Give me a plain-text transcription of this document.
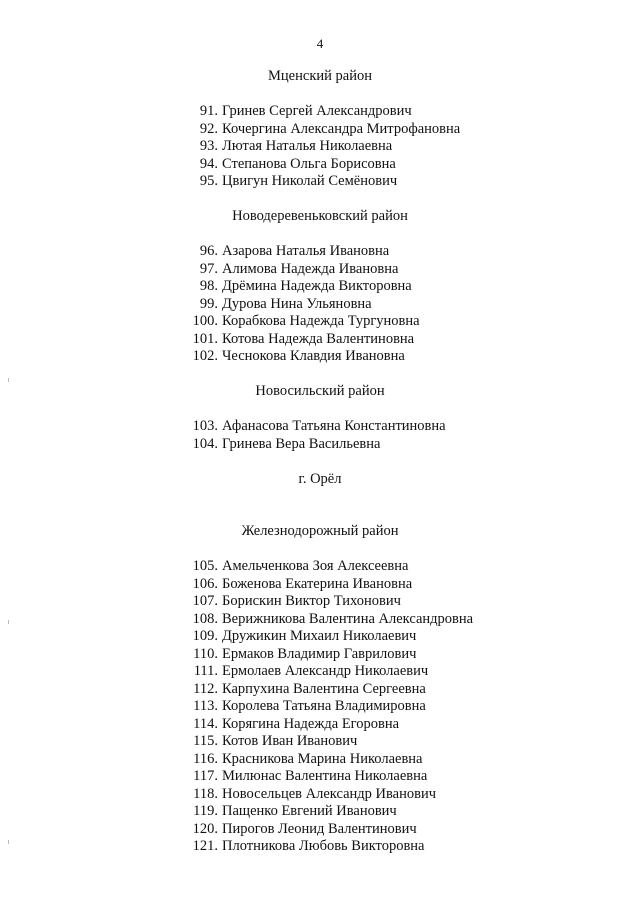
4
Мценский район
91. Гринев Сергей Александрович
92. Кочергина Александра Митрофановна
93. Лютая Наталья Николаевна
94. Степанова Ольга Борисовна
95. Цвигун Николай Семёнович
Новодеревеньковский район
96. Азарова Наталья Ивановна
97. Алимова Надежда Ивановна
98. Дрёмина Надежда Викторовна
99. Дурова Нина Ульяновна
100. Корабкова Надежда Тургуновна
101. Котова Надежда Валентиновна
102. Чеснокова Клавдия Ивановна
Новосильский район
103. Афанасова Татьяна Константиновна
104. Гринева Вера Васильевна
г. Орёл
Железнодорожный район
105. Амельченкова Зоя Алексеевна
106. Боженова Екатерина Ивановна
107. Борискин Виктор Тихонович
108. Верижникова Валентина Александровна
109. Дружикин Михаил Николаевич
110. Ермаков Владимир Гаврилович
111. Ермолаев Александр Николаевич
112. Карпухина Валентина Сергеевна
113. Королева Татьяна Владимировна
114. Корягина Надежда Егоровна
115. Котов Иван Иванович
116. Красникова Марина Николаевна
117. Милюнас Валентина Николаевна
118. Новосельцев Александр Иванович
119. Пащенко Евгений Иванович
120. Пирогов Леонид Валентинович
121. Плотникова Любовь Викторовна
